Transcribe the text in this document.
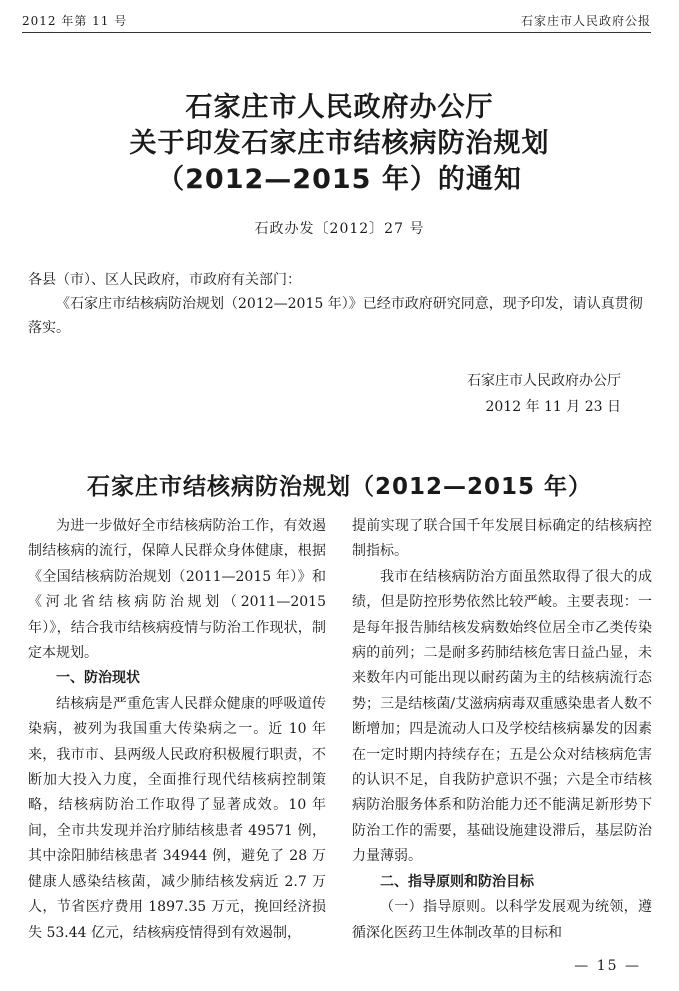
2012 年第 11 号	石家庄市人民政府公报
石家庄市人民政府办公厅
关于印发石家庄市结核病防治规划
（2012—2015 年）的通知
石政办发〔2012〕27 号

各县（市）、区人民政府，市政府有关部门：

《石家庄市结核病防治规划（2012—2015 年）》已经市政府研究同意，现予印发，请认真贯彻落实。

石家庄市人民政府办公厅
2012 年 11 月 23 日
石家庄市结核病防治规划（2012—2015 年）

为进一步做好全市结核病防治工作，有效遏制结核病的流行，保障人民群众身体健康，根据《全国结核病防治规划（2011—2015 年）》和《河北省结核病防治规划（2011—2015 年）》，结合我市结核病疫情与防治工作现状，制定本规划。

一、防治现状

结核病是严重危害人民群众健康的呼吸道传染病，被列为我国重大传染病之一。近 10 年来，我市市、县两级人民政府积极履行职责，不断加大投入力度，全面推行现代结核病控制策略，结核病防治工作取得了显著成效。10 年间，全市共发现并治疗肺结核患者 49571 例，其中涂阳肺结核患者 34944 例，避免了 28 万健康人感染结核菌，减少肺结核发病近 2.7 万人，节省医疗费用 1897.35 万元，挽回经济损失 53.44 亿元，结核病疫情得到有效遏制，

提前实现了联合国千年发展目标确定的结核病控制指标。

我市在结核病防治方面虽然取得了很大的成绩，但是防控形势依然比较严峻。主要表现：一是每年报告肺结核发病数始终位居全市乙类传染病的前列；二是耐多药肺结核危害日益凸显，未来数年内可能出现以耐药菌为主的结核病流行态势；三是结核菌/艾滋病病毒双重感染患者人数不断增加；四是流动人口及学校结核病暴发的因素在一定时期内持续存在；五是公众对结核病危害的认识不足，自我防护意识不强；六是全市结核病防治服务体系和防治能力还不能满足新形势下防治工作的需要，基础设施建设滞后，基层防治力量薄弱。

二、指导原则和防治目标

（一）指导原则。以科学发展观为统领，遵循深化医药卫生体制改革的目标和

— 15 —
